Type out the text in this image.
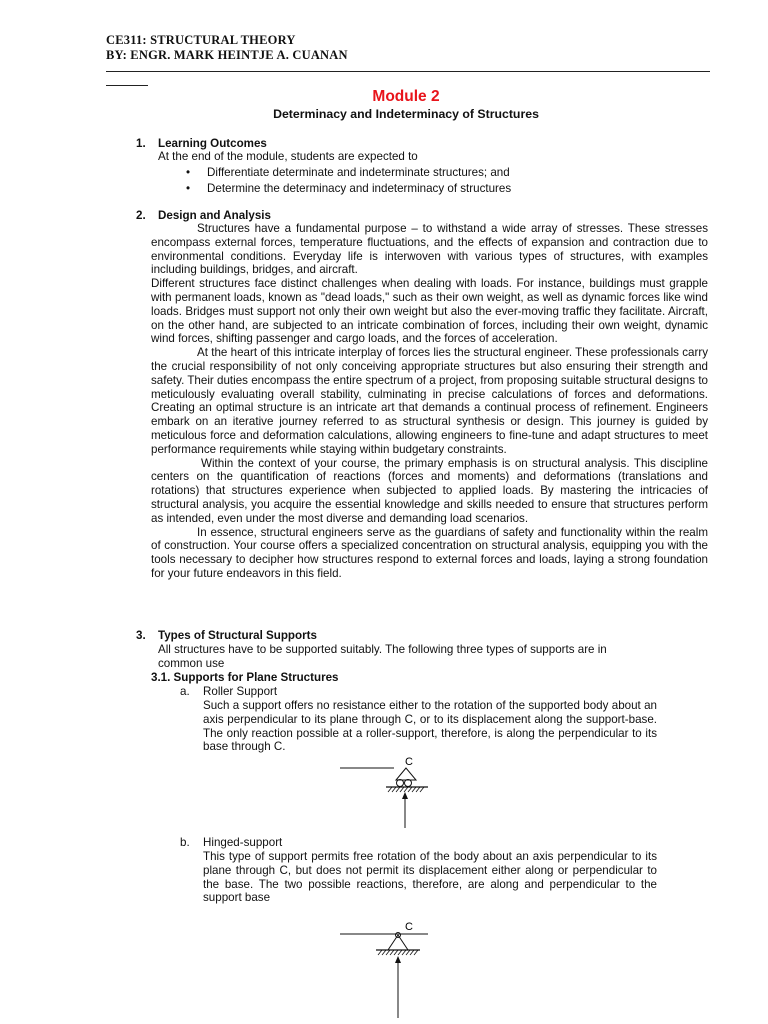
CE311: STRUCTURAL THEORY
BY: ENGR. MARK HEINTJE A. CUANAN
Module 2
Determinacy and Indeterminacy of Structures
1. Learning Outcomes
At the end of the module, students are expected to
• Differentiate determinate and indeterminate structures; and
• Determine the determinacy and indeterminacy of structures
2. Design and Analysis

Structures have a fundamental purpose – to withstand a wide array of stresses. These stresses encompass external forces, temperature fluctuations, and the effects of expansion and contraction due to environmental conditions. Everyday life is interwoven with various types of structures, with examples including buildings, bridges, and aircraft.

Different structures face distinct challenges when dealing with loads. For instance, buildings must grapple with permanent loads, known as "dead loads," such as their own weight, as well as dynamic forces like wind loads. Bridges must support not only their own weight but also the ever-moving traffic they facilitate. Aircraft, on the other hand, are subjected to an intricate combination of forces, including their own weight, dynamic wind forces, shifting passenger and cargo loads, and the forces of acceleration.

At the heart of this intricate interplay of forces lies the structural engineer. These professionals carry the crucial responsibility of not only conceiving appropriate structures but also ensuring their strength and safety. Their duties encompass the entire spectrum of a project, from proposing suitable structural designs to meticulously evaluating overall stability, culminating in precise calculations of forces and deformations. Creating an optimal structure is an intricate art that demands a continual process of refinement. Engineers embark on an iterative journey referred to as structural synthesis or design. This journey is guided by meticulous force and deformation calculations, allowing engineers to fine-tune and adapt structures to meet performance requirements while staying within budgetary constraints.

Within the context of your course, the primary emphasis is on structural analysis. This discipline centers on the quantification of reactions (forces and moments) and deformations (translations and rotations) that structures experience when subjected to applied loads. By mastering the intricacies of structural analysis, you acquire the essential knowledge and skills needed to ensure that structures perform as intended, even under the most diverse and demanding load scenarios.

In essence, structural engineers serve as the guardians of safety and functionality within the realm of construction. Your course offers a specialized concentration on structural analysis, equipping you with the tools necessary to decipher how structures respond to external forces and loads, laying a strong foundation for your future endeavors in this field.

3. Types of Structural Supports
All structures have to be supported suitably. The following three types of supports are in common use
3.1. Supports for Plane Structures
a. Roller Support
Such a support offers no resistance either to the rotation of the supported body about an axis perpendicular to its plane through C, or to its displacement along the support-base. The only reaction possible at a roller-support, therefore, is along the perpendicular to its base through C.
C
b. Hinged-support
This type of support permits free rotation of the body about an axis perpendicular to its plane through C, but does not permit its displacement either along or perpendicular to the base. The two possible reactions, therefore, are along and perpendicular to the support base
C
